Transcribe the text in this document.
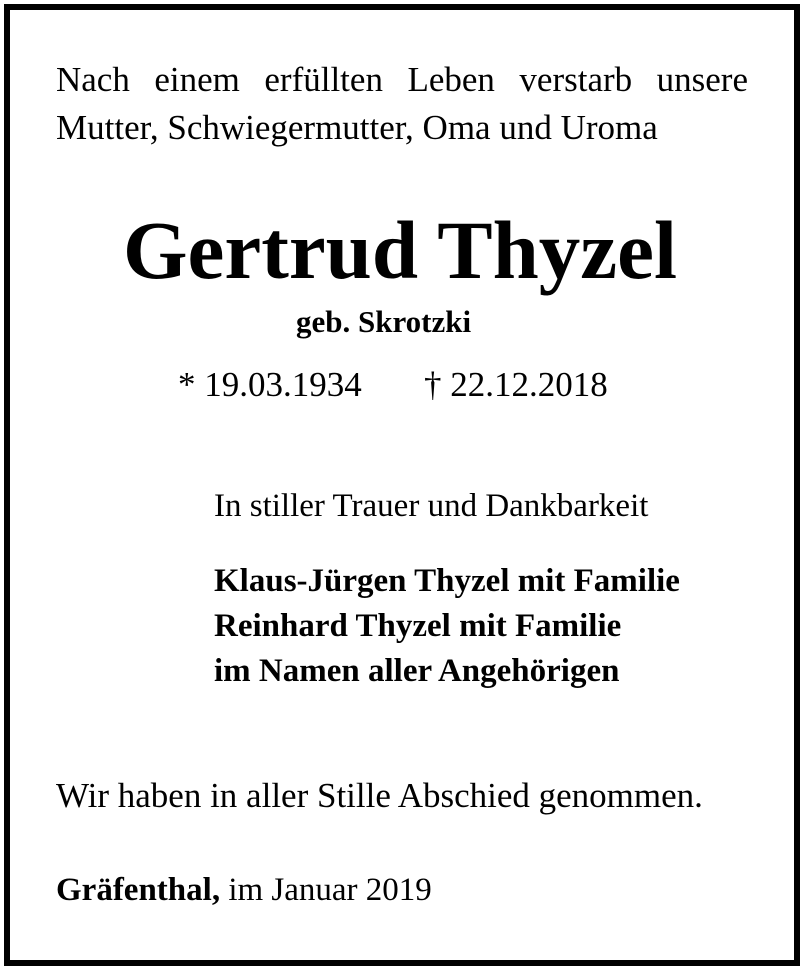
Nach einem erfüllten Leben verstarb unsere
Mutter, Schwiegermutter, Oma und Uroma
Gertrud Thyzel
geb. Skrotzki
* 19.03.1934 † 22.12.2018
In stiller Trauer und Dankbarkeit
Klaus-Jürgen Thyzel mit Familie
Reinhard Thyzel mit Familie
im Namen aller Angehörigen
Wir haben in aller Stille Abschied genommen.
Gräfenthal, im Januar 2019
